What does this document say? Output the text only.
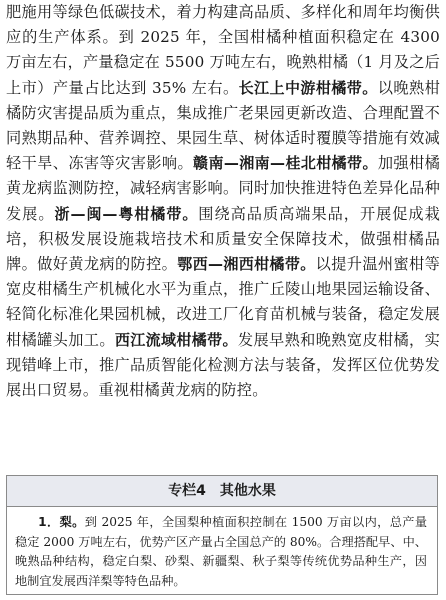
肥施用等绿色低碳技术，着力构建高品质、多样化和周年均衡供应的生产体系。到 2025 年，全国柑橘种植面积稳定在 4300 万亩左右，产量稳定在 5500 万吨左右，晚熟柑橘（1 月及之后上市）产量占比达到 35% 左右。长江上中游柑橘带。以晚熟柑橘防灾害提品质为重点，集成推广老果园更新改造、合理配置不同熟期品种、营养调控、果园生草、树体适时覆膜等措施有效减轻干旱、冻害等灾害影响。赣南—湘南—桂北柑橘带。加强柑橘黄龙病监测防控，减轻病害影响。同时加快推进特色差异化品种发展。浙—闽—粤柑橘带。围绕高品质高端果品，开展促成栽培，积极发展设施栽培技术和质量安全保障技术，做强柑橘品牌。做好黄龙病的防控。鄂西—湘西柑橘带。以提升温州蜜柑等宽皮柑橘生产机械化水平为重点，推广丘陵山地果园运输设备、轻简化标准化果园机械，改进工厂化育苗机械与装备，稳定发展柑橘罐头加工。西江流域柑橘带。发展早熟和晚熟宽皮柑橘，实现错峰上市，推广品质智能化检测方法与装备，发挥区位优势发展出口贸易。重视柑橘黄龙病的防控。

专栏4　其他水果

1．梨。到 2025 年，全国梨种植面积控制在 1500 万亩以内，总产量稳定 2000 万吨左右，优势产区产量占全国总产的 80%。合理搭配早、中、晚熟品种结构，稳定白梨、砂梨、新疆梨、秋子梨等传统优势品种生产，因地制宜发展西洋梨等特色品种。
